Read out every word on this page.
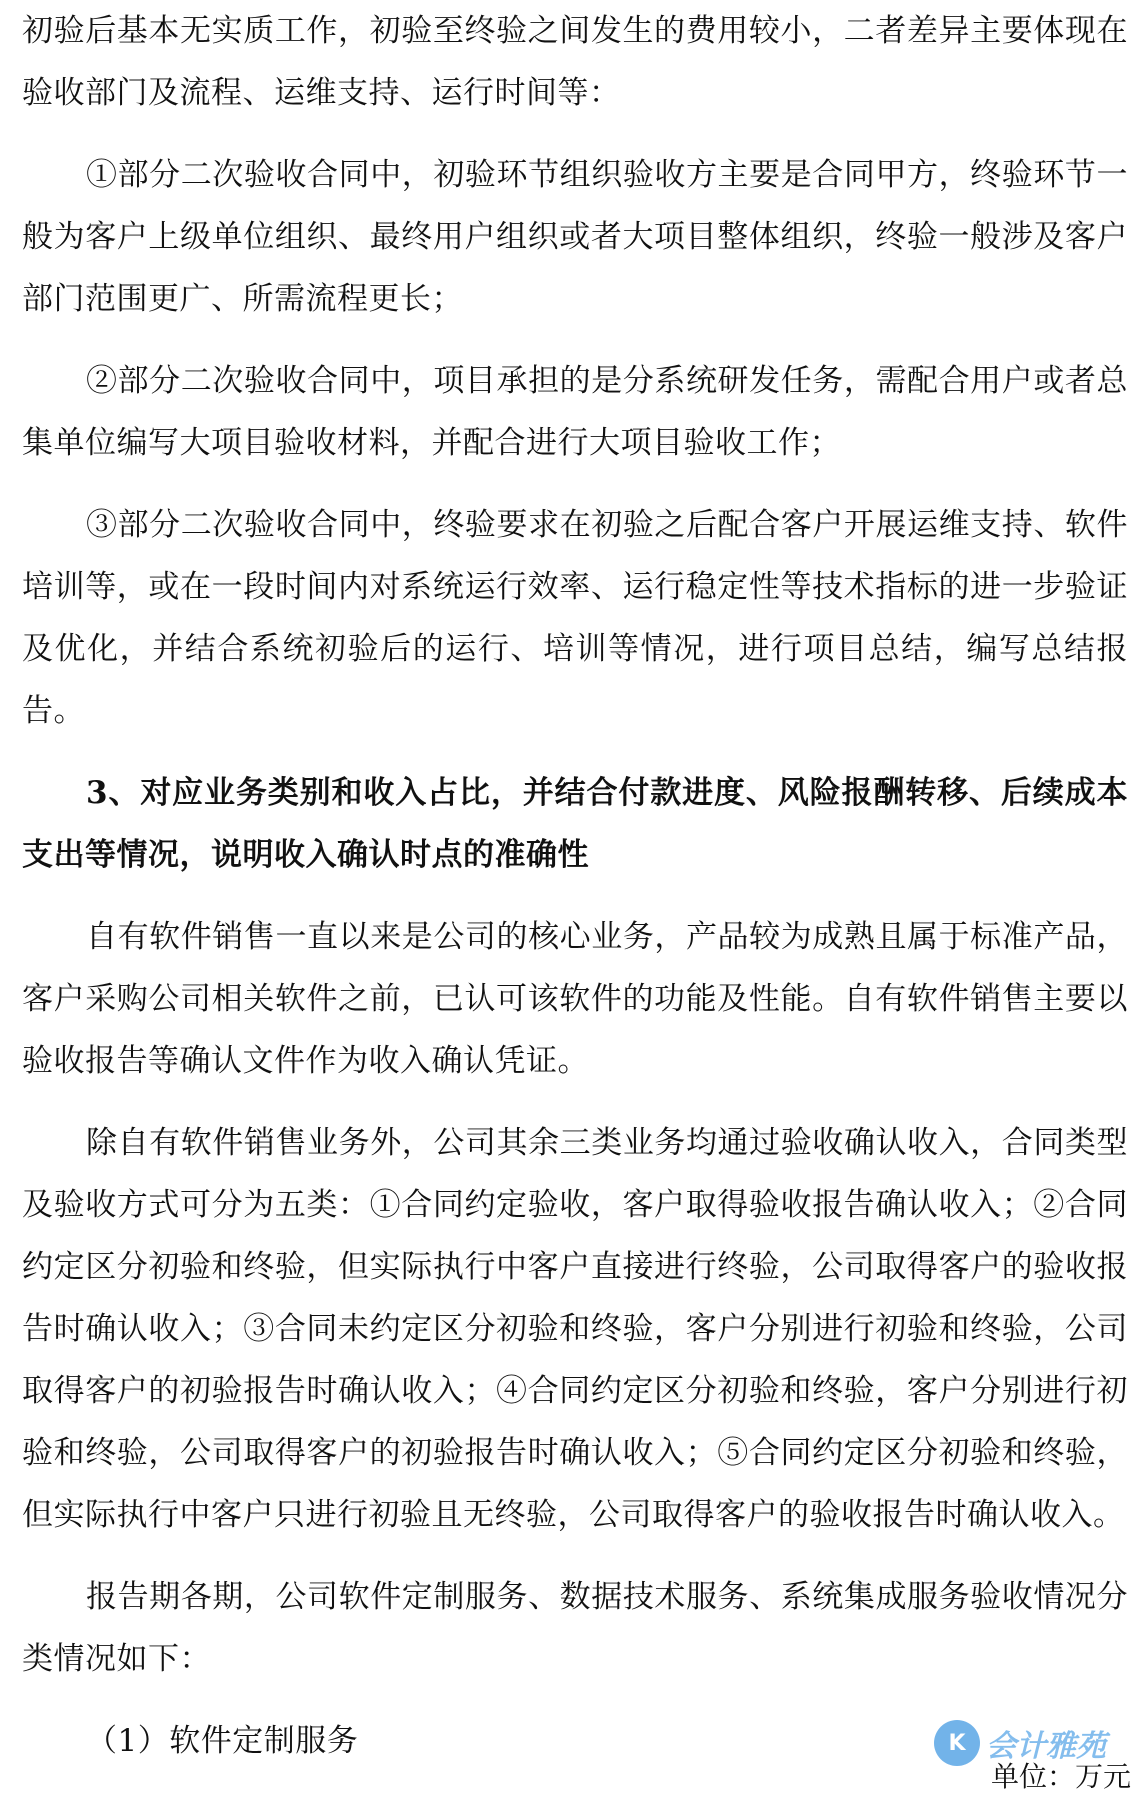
初验后基本无实质工作，初验至终验之间发生的费用较小，二者差异主要体现在验收部门及流程、运维支持、运行时间等：

①部分二次验收合同中，初验环节组织验收方主要是合同甲方，终验环节一般为客户上级单位组织、最终用户组织或者大项目整体组织，终验一般涉及客户部门范围更广、所需流程更长；

②部分二次验收合同中，项目承担的是分系统研发任务，需配合用户或者总集单位编写大项目验收材料，并配合进行大项目验收工作；

③部分二次验收合同中，终验要求在初验之后配合客户开展运维支持、软件培训等，或在一段时间内对系统运行效率、运行稳定性等技术指标的进一步验证及优化，并结合系统初验后的运行、培训等情况，进行项目总结，编写总结报告。

3、对应业务类别和收入占比，并结合付款进度、风险报酬转移、后续成本支出等情况，说明收入确认时点的准确性

自有软件销售一直以来是公司的核心业务，产品较为成熟且属于标准产品，客户采购公司相关软件之前，已认可该软件的功能及性能。自有软件销售主要以验收报告等确认文件作为收入确认凭证。

除自有软件销售业务外，公司其余三类业务均通过验收确认收入，合同类型及验收方式可分为五类：①合同约定验收，客户取得验收报告确认收入；②合同约定区分初验和终验，但实际执行中客户直接进行终验，公司取得客户的验收报告时确认收入；③合同未约定区分初验和终验，客户分别进行初验和终验，公司取得客户的初验报告时确认收入；④合同约定区分初验和终验，客户分别进行初验和终验，公司取得客户的初验报告时确认收入；⑤合同约定区分初验和终验，但实际执行中客户只进行初验且无终验，公司取得客户的验收报告时确认收入。

报告期各期，公司软件定制服务、数据技术服务、系统集成服务验收情况分类情况如下：

（1）软件定制服务	K 会计雅苑
单位：万元
